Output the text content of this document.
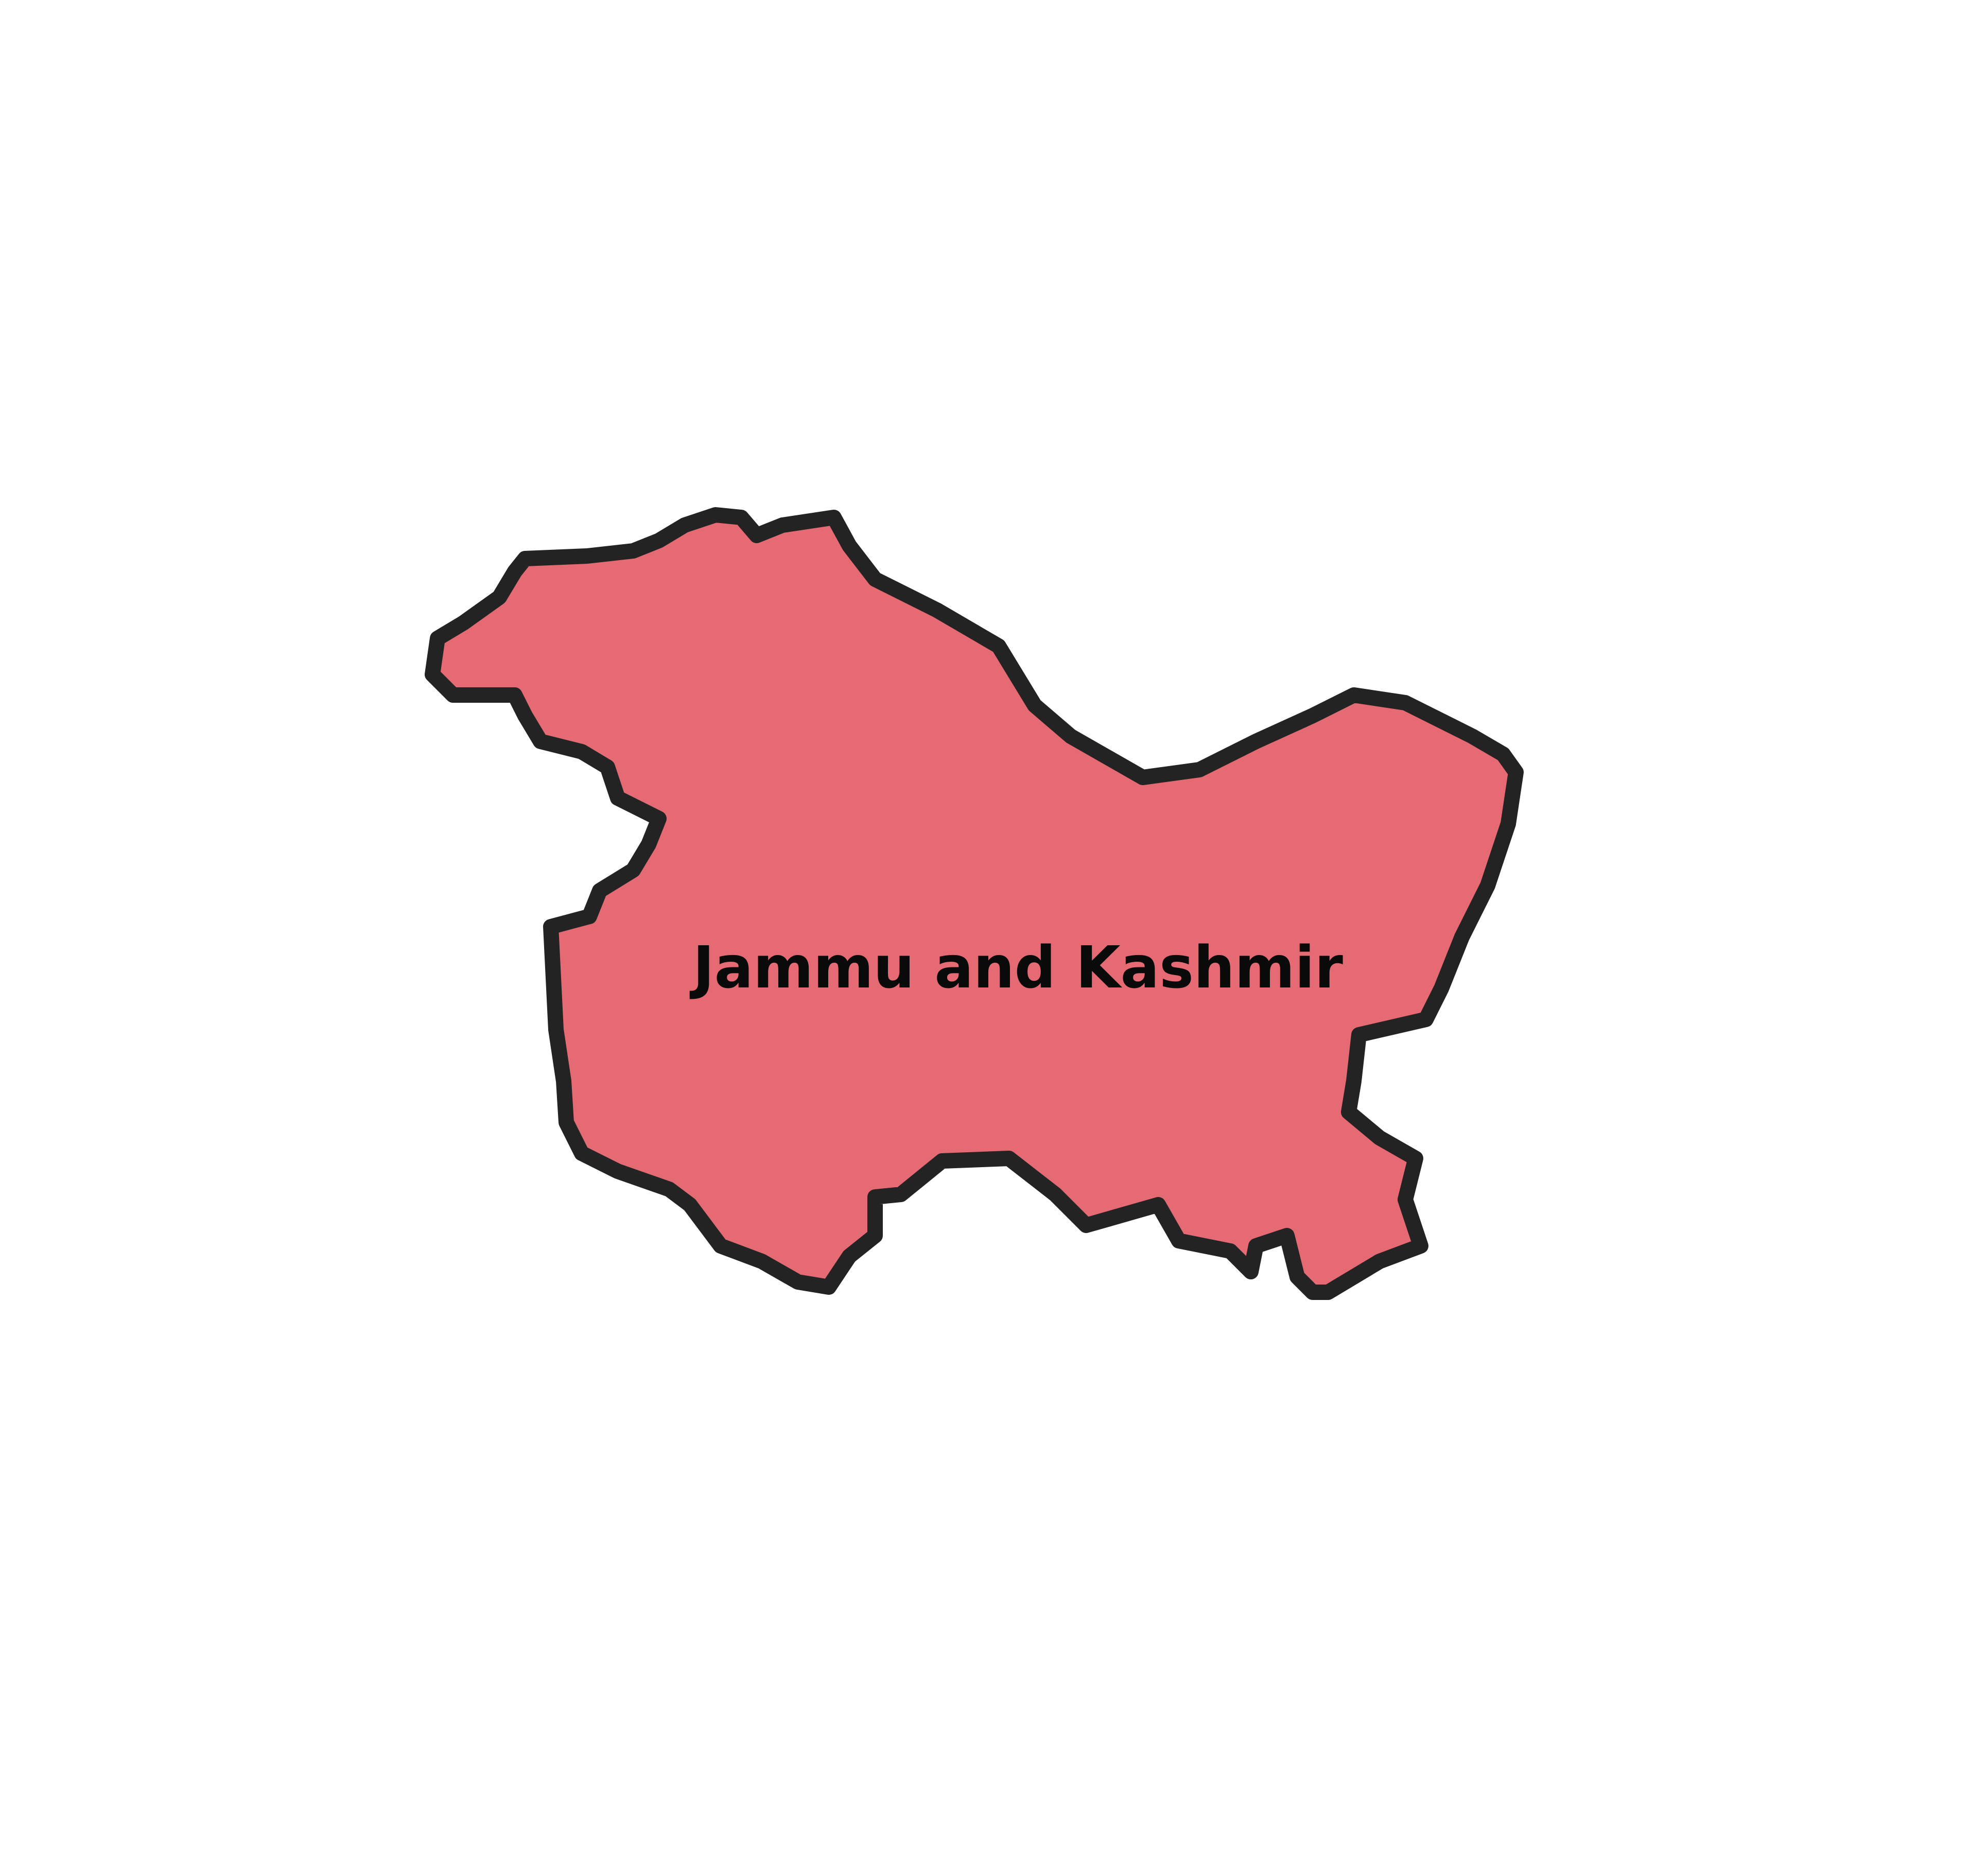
Jammu and Kashmir
